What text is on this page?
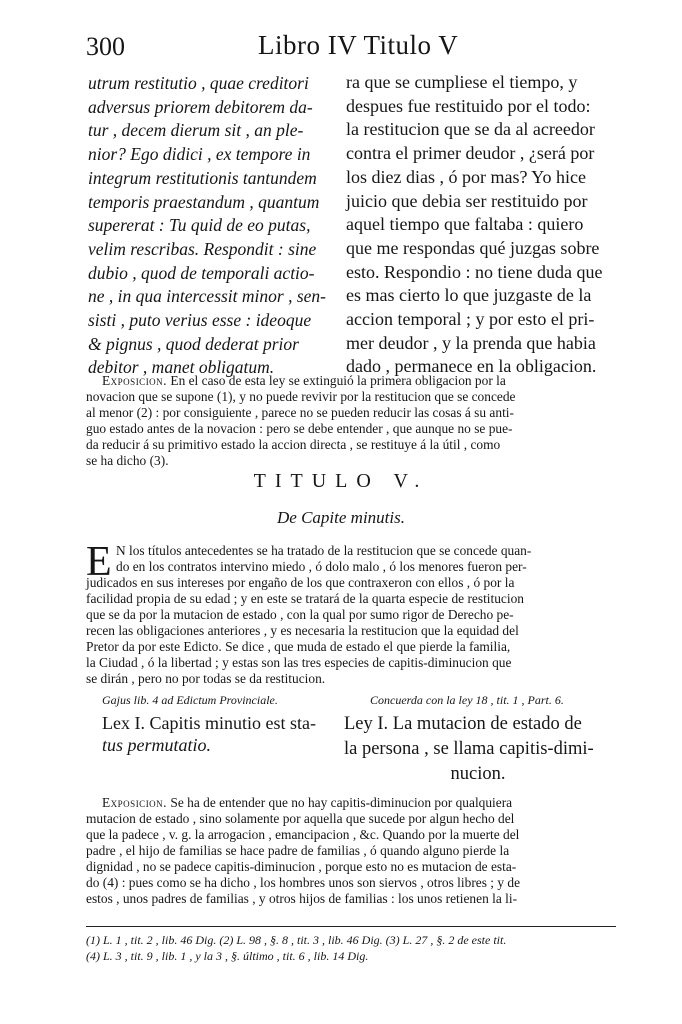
300	Libro IV Titulo V

utrum restitutio , quae creditori

adversus priorem debitorem da-

tur , decem dierum sit , an ple-

nior? Ego didici , ex tempore in

integrum restitutionis tantundem

temporis praestandum , quantum

supererat : Tu quid de eo putas,

velim rescribas. Respondit : sine

dubio , quod de temporali actio-

ne , in qua intercessit minor , sen-

sisti , puto verius esse : ideoque

& pignus , quod dederat prior

debitor , manet obligatum.

ra que se cumpliese el tiempo, y

despues fue restituido por el todo:

la restitucion que se da al acreedor

contra el primer deudor , ¿será por

los diez dias , ó por mas? Yo hice

juicio que debia ser restituido por

aquel tiempo que faltaba : quiero

que me respondas qué juzgas sobre

esto. Respondio : no tiene duda que

es mas cierto lo que juzgaste de la

accion temporal ; y por esto el pri-

mer deudor , y la prenda que habia

dado , permanece en la obligacion.

Exposicion. En el caso de esta ley se extinguió la primera obligacion por la

novacion que se supone (1), y no puede revivir por la restitucion que se concede

al menor (2) : por consiguiente , parece no se pueden reducir las cosas á su anti-

guo estado antes de la novacion : pero se debe entender , que aunque no se pue-

da reducir á su primitivo estado la accion directa , se restituye á la útil , como

se ha dicho (3).

TITULO V.
De Capite minutis.
E N los títulos antecedentes se ha tratado de la restitucion que se concede quan-

do en los contratos intervino miedo , ó dolo malo , ó los menores fueron per-

judicados en sus intereses por engaño de los que contraxeron con ellos , ó por la

facilidad propia de su edad ; y en este se tratará de la quarta especie de restitucion

que se da por la mutacion de estado , con la qual por sumo rigor de Derecho pe-

recen las obligaciones anteriores , y es necesaria la restitucion que la equidad del

Pretor da por este Edicto. Se dice , que muda de estado el que pierde la familia,

la Ciudad , ó la libertad ; y estas son las tres especies de capitis-diminucion que

se dirán , pero no por todas se da restitucion.

Gajus lib. 4 ad Edictum Provinciale.	Concuerda con la ley 18 , tit. 1 , Part. 6.

Lex I. Capitis minutio est sta-

tus permutatio.

Ley I. La mutacion de estado de

la persona , se llama capitis-dimi-

nucion.

Exposicion. Se ha de entender que no hay capitis-diminucion por qualquiera

mutacion de estado , sino solamente por aquella que sucede por algun hecho del

que la padece , v. g. la arrogacion , emancipacion , &c. Quando por la muerte del

padre , el hijo de familias se hace padre de familias , ó quando alguno pierde la

dignidad , no se padece capitis-diminucion , porque esto no es mutacion de esta-

do (4) : pues como se ha dicho , los hombres unos son siervos , otros libres ; y de

estos , unos padres de familias , y otros hijos de familias : los unos retienen la li-

(1) L. 1 , tit. 2 , lib. 46 Dig. (2) L. 98 , §. 8 , tit. 3 , lib. 46 Dig. (3) L. 27 , §. 2 de este tit.

(4) L. 3 , tit. 9 , lib. 1 , y la 3 , §. último , tit. 6 , lib. 14 Dig.
